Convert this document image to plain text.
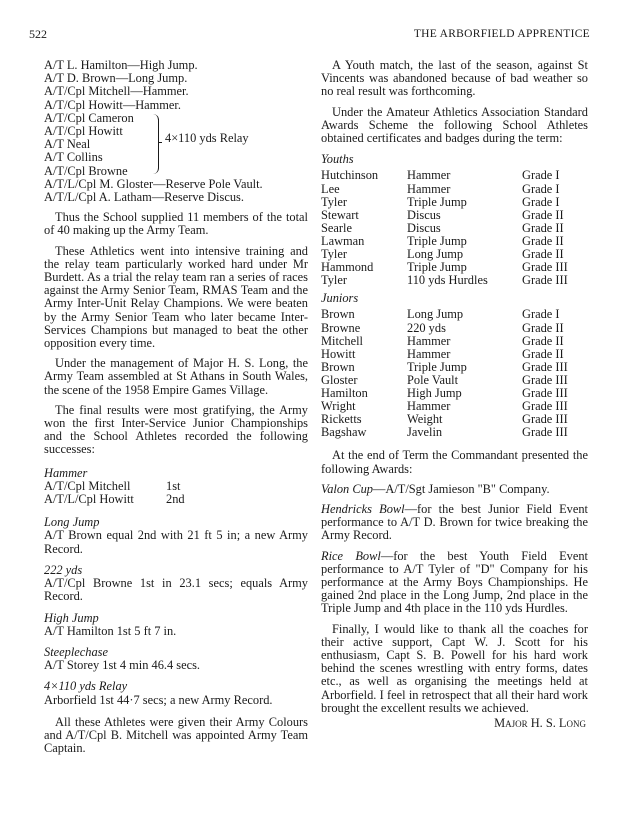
522	THE ARBORFIELD APPRENTICE
A/T L. Hamilton—High Jump.
A/T D. Brown—Long Jump.
A/T/Cpl Mitchell—Hammer.
A/T/Cpl Howitt—Hammer.
A/T/Cpl Cameron
A/T/Cpl Howitt
A/T Neal
A/T Collins
A/T/Cpl Browne
4×110 yds Relay
A/T/L/Cpl M. Gloster—Reserve Pole Vault.
A/T/L/Cpl A. Latham—Reserve Discus.

Thus the School supplied 11 members of the total of 40 making up the Army Team.

These Athletics went into intensive training and the relay team particularly worked hard under Mr Burdett. As a trial the relay team ran a series of races against the Army Senior Team, RMAS Team and the Army Inter-Unit Relay Champions. We were beaten by the Army Senior Team who later became Inter-Services Champions but managed to beat the other opposition every time.

Under the management of Major H. S. Long, the Army Team assembled at St Athans in South Wales, the scene of the 1958 Empire Games Village.

The final results were most gratifying, the Army won the first Inter-Service Junior Championships and the School Athletes recorded the following successes:

Hammer
A/T/Cpl Mitchell	1st
A/T/L/Cpl Howitt	2nd
Long Jump

A/T Brown equal 2nd with 21 ft 5 in; a new Army Record.

222 yds

A/T/Cpl Browne 1st in 23.1 secs; equals Army Record.

High Jump

A/T Hamilton 1st 5 ft 7 in.

Steeplechase

A/T Storey 1st 4 min 46.4 secs.

4×110 yds Relay

Arborfield 1st 44·7 secs; a new Army Record.

All these Athletes were given their Army Colours and A/T/Cpl B. Mitchell was appointed Army Team Captain.

A Youth match, the last of the season, against St Vincents was abandoned because of bad weather so no real result was forthcoming.

Under the Amateur Athletics Association Standard Awards Scheme the following School Athletes obtained certificates and badges during the term:

Youths
Hutchinson	Hammer	Grade I
Lee	Hammer	Grade I
Tyler	Triple Jump	Grade I
Stewart	Discus	Grade II
Searle	Discus	Grade II
Lawman	Triple Jump	Grade II
Tyler	Long Jump	Grade II
Hammond	Triple Jump	Grade III
Tyler	110 yds Hurdles	Grade III
Juniors
Brown	Long Jump	Grade I
Browne	220 yds	Grade II
Mitchell	Hammer	Grade II
Howitt	Hammer	Grade II
Brown	Triple Jump	Grade III
Gloster	Pole Vault	Grade III
Hamilton	High Jump	Grade III
Wright	Hammer	Grade III
Ricketts	Weight	Grade III
Bagshaw	Javelin	Grade III

At the end of Term the Commandant presented the following Awards:

Valon Cup—A/T/Sgt Jamieson "B" Company.

Hendricks Bowl—for the best Junior Field Event performance to A/T D. Brown for twice breaking the Army Record.

Rice Bowl—for the best Youth Field Event performance to A/T Tyler of "D" Company for his performance at the Army Boys Championships. He gained 2nd place in the Long Jump, 2nd place in the Triple Jump and 4th place in the 110 yds Hurdles.

Finally, I would like to thank all the coaches for their active support, Capt W. J. Scott for his enthusiasm, Capt S. B. Powell for his hard work behind the scenes wrestling with entry forms, dates etc., as well as organising the meetings held at Arborfield. I feel in retrospect that all their hard work brought the excellent results we achieved.

Major H. S. Long
